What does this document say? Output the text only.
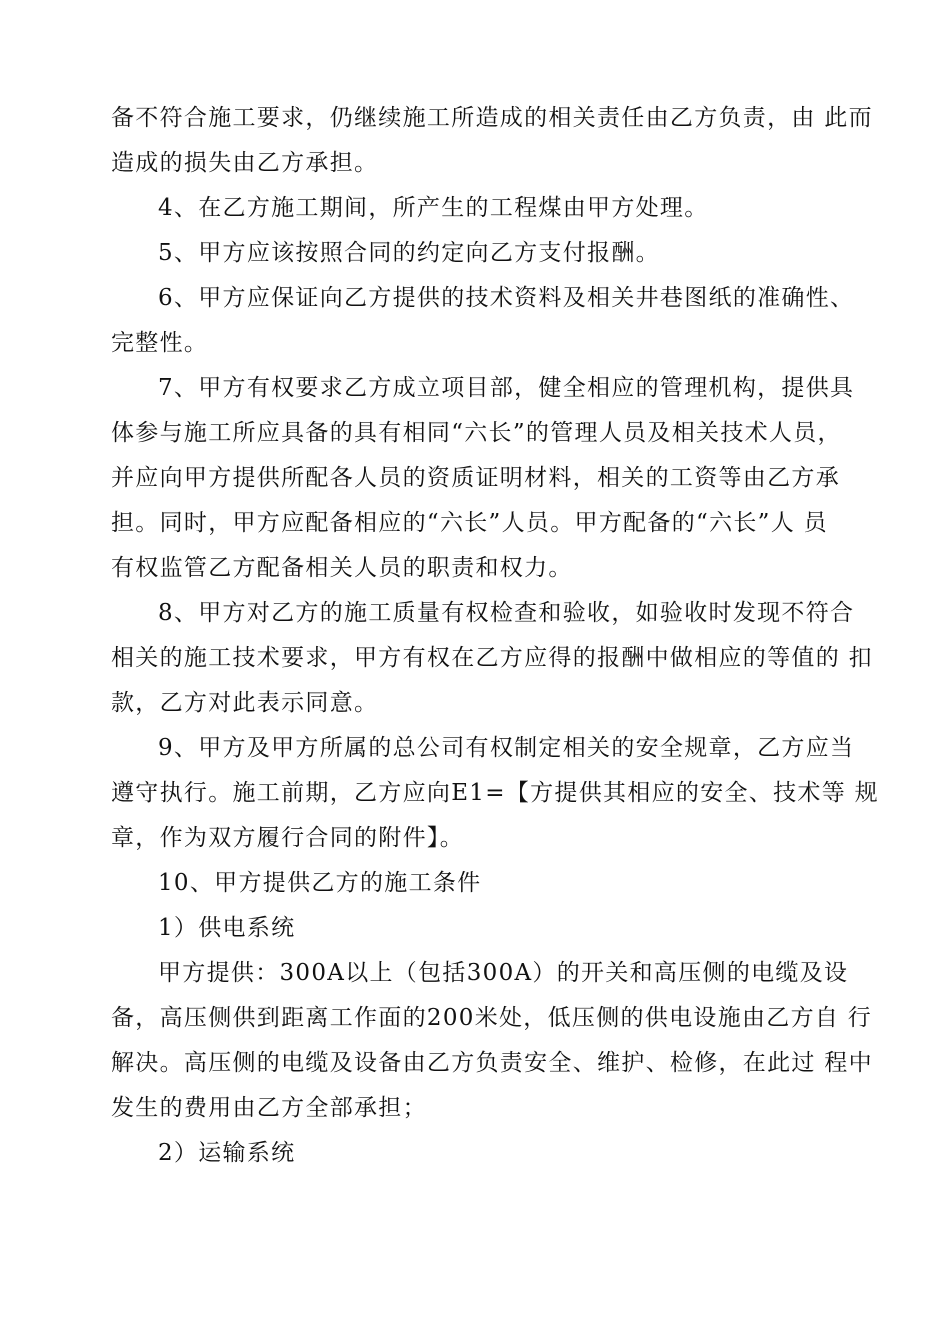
备不符合施工要求，仍继续施工所造成的相关责任由乙方负责，由 此而
造成的损失由乙方承担。
4、在乙方施工期间，所产生的工程煤由甲方处理。
5、甲方应该按照合同的约定向乙方支付报酬。
6、甲方应保证向乙方提供的技术资料及相关井巷图纸的准确性、
完整性。
7、甲方有权要求乙方成立项目部，健全相应的管理机构，提供具
体参与施工所应具备的具有相同“六长”的管理人员及相关技术人员，
并应向甲方提供所配各人员的资质证明材料，相关的工资等由乙方承
担。同时，甲方应配备相应的“六长”人员。甲方配备的“六长”人 员
有权监管乙方配备相关人员的职责和权力。
8、甲方对乙方的施工质量有权检查和验收，如验收时发现不符合
相关的施工技术要求，甲方有权在乙方应得的报酬中做相应的等值的 扣
款，乙方对此表示同意。
9、甲方及甲方所属的总公司有权制定相关的安全规章，乙方应当
遵守执行。施工前期，乙方应向E1=【方提供其相应的安全、技术等 规
章，作为双方履行合同的附件】。
10、甲方提供乙方的施工条件
1）供电系统
甲方提供：300A以上（包括300A）的开关和高压侧的电缆及设
备，高压侧供到距离工作面的200米处，低压侧的供电设施由乙方自 行
解决。高压侧的电缆及设备由乙方负责安全、维护、检修，在此过 程中
发生的费用由乙方全部承担；
2）运输系统
